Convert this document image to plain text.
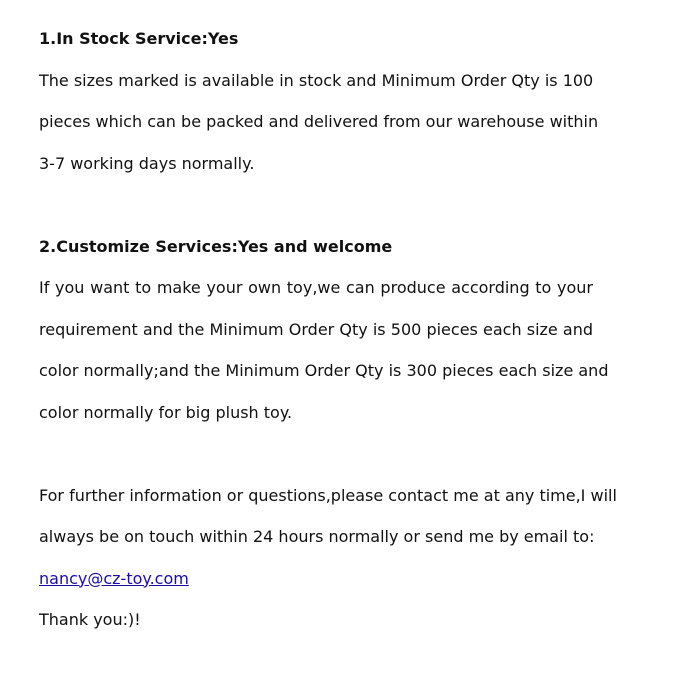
1.In Stock Service:Yes
The sizes marked is available in stock and Minimum Order Qty is 100
pieces which can be packed and delivered from our warehouse within
3-7 working days normally.
2.Customize Services:Yes and welcome
If you want to make your own toy,we can produce according to your
requirement and the Minimum Order Qty is 500 pieces each size and
color normally;and the Minimum Order Qty is 300 pieces each size and
color normally for big plush toy.
For further information or questions,please contact me at any time,I will
always be on touch within 24 hours normally or send me by email to:
nancy@cz-toy.com
Thank you:)!
